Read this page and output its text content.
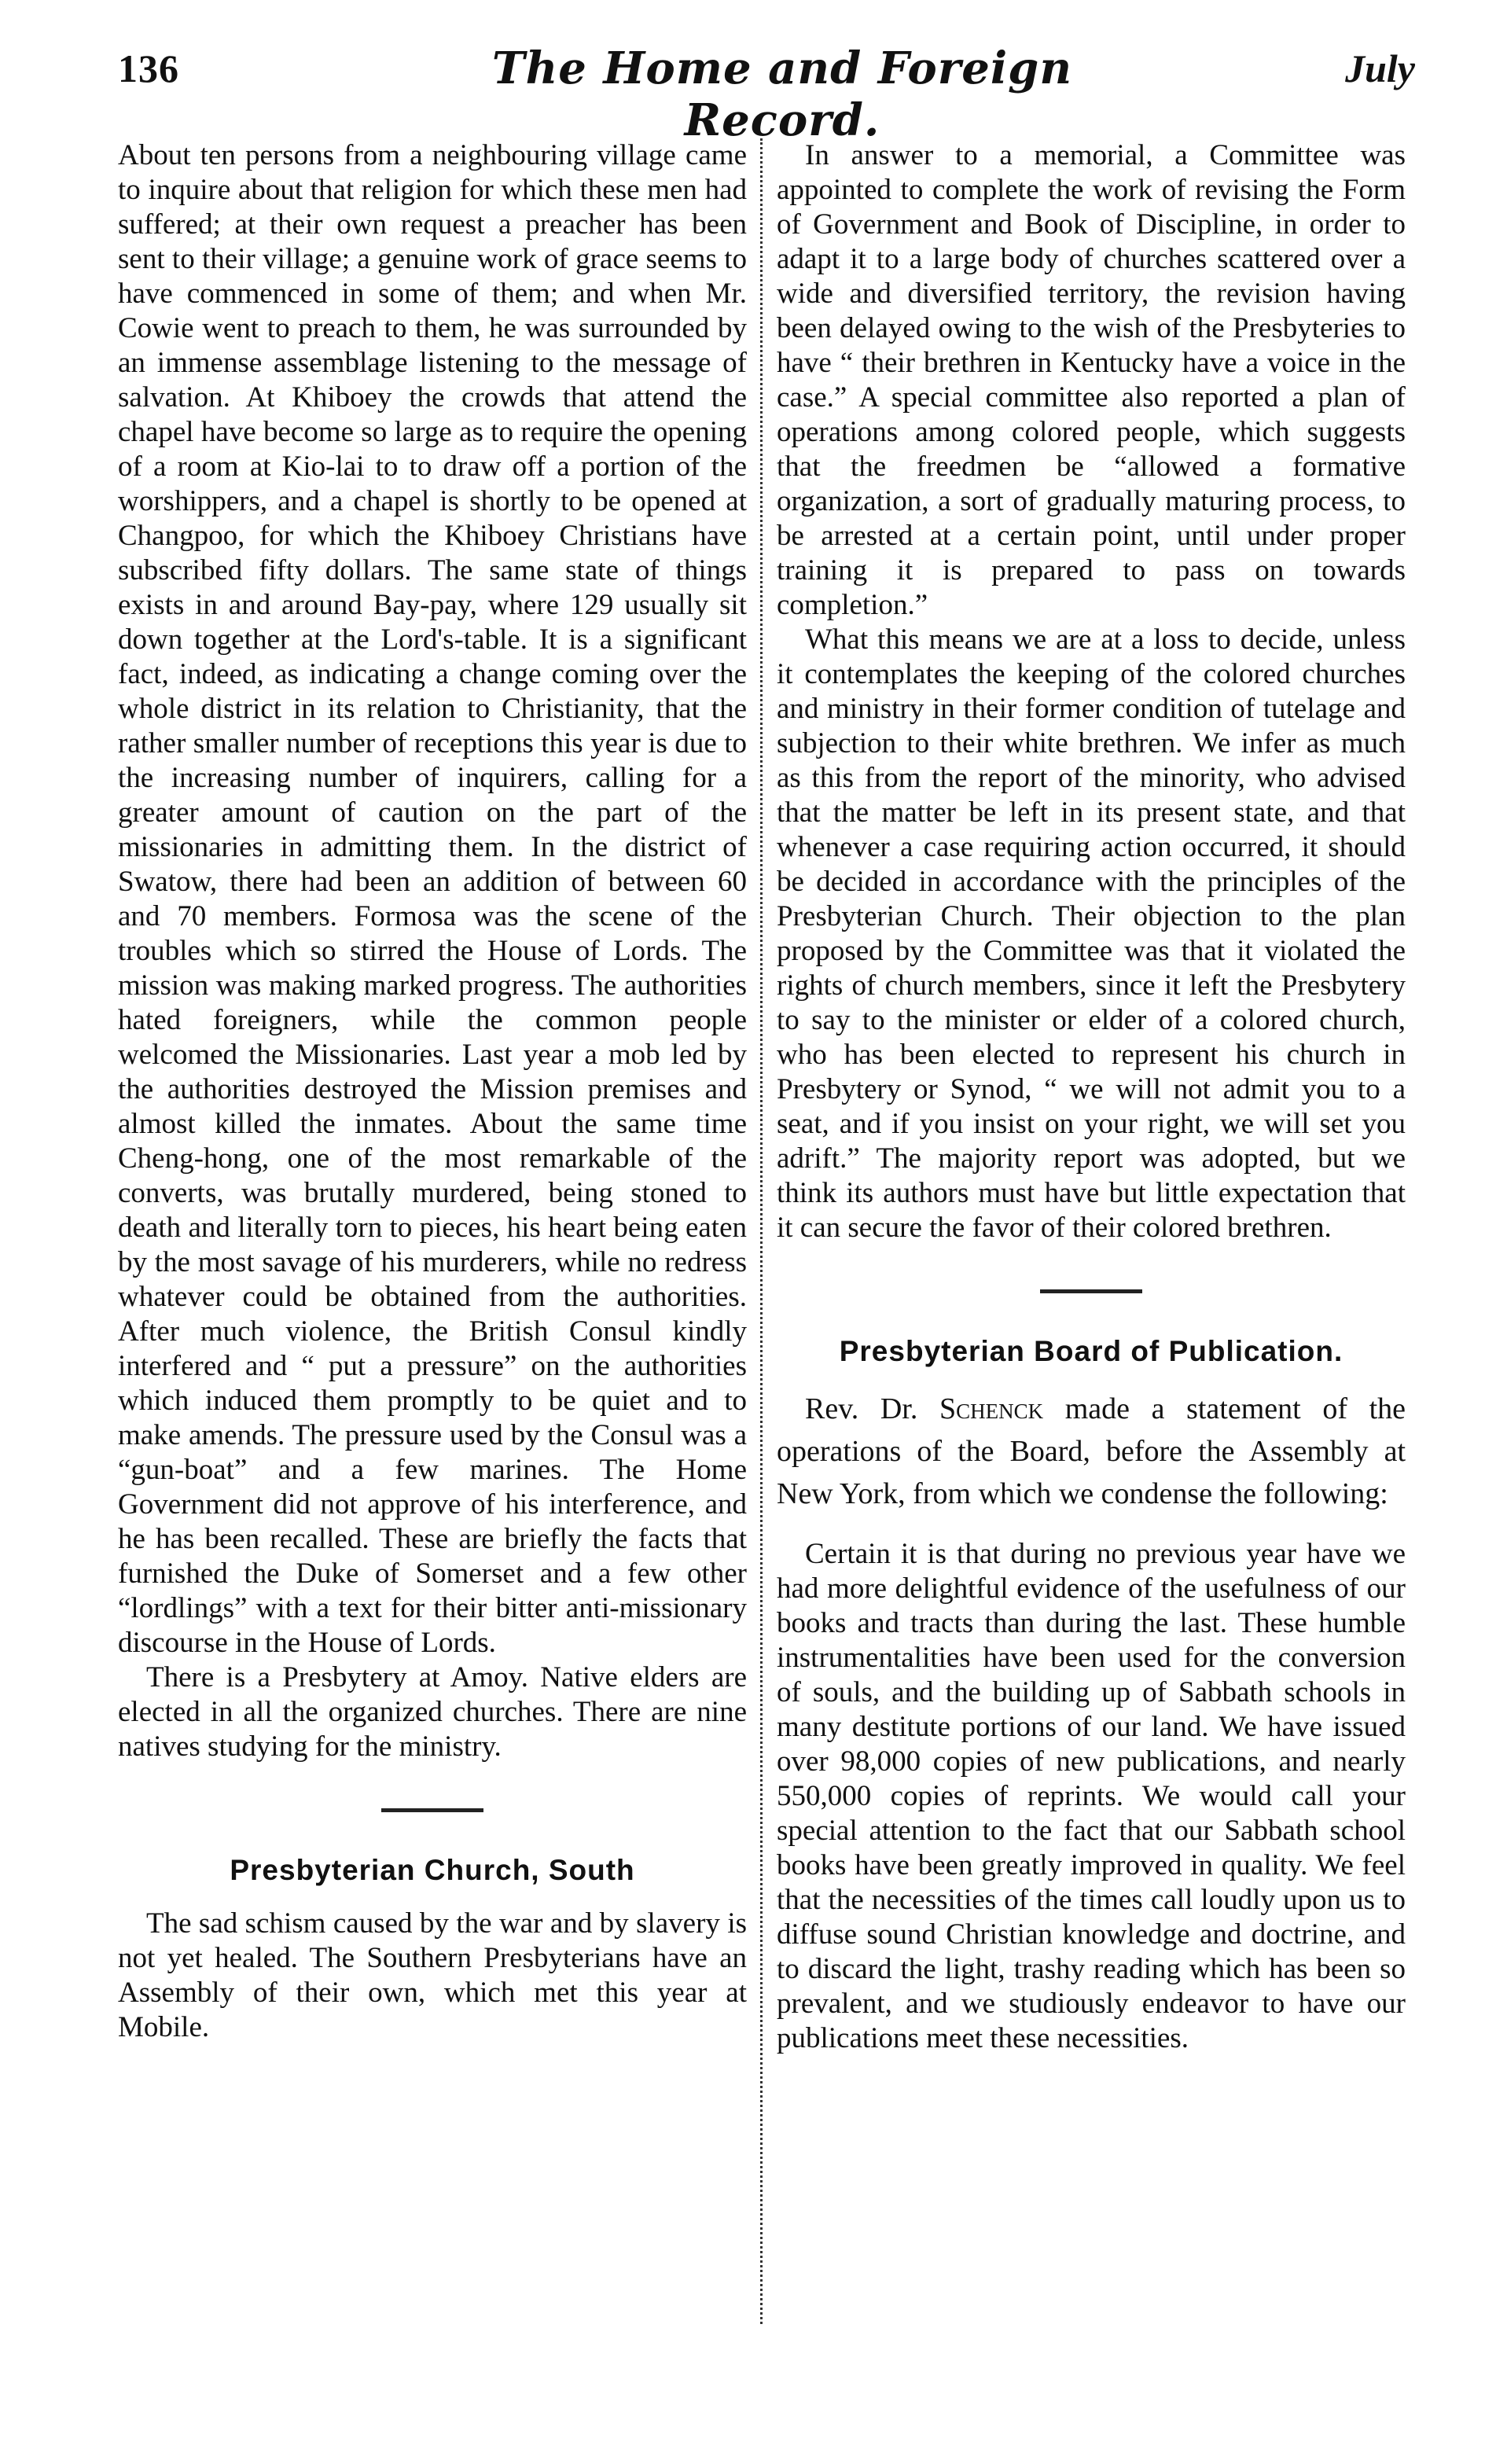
136	The Home and Foreign Record.
July

About ten persons from a neighbouring village came to inquire about that religion for which these men had suffered; at their own request a preacher has been sent to their village; a genuine work of grace seems to have commenced in some of them; and when Mr. Cowie went to preach to them, he was surrounded by an immense assemblage listening to the message of salvation. At Khiboey the crowds that attend the chapel have become so large as to require the opening of a room at Kio-lai to to draw off a portion of the worshippers, and a chapel is shortly to be opened at Changpoo, for which the Khiboey Christians have subscribed fifty dollars. The same state of things exists in and around Bay-pay, where 129 usually sit down together at the Lord's-table. It is a significant fact, indeed, as indicating a change coming over the whole district in its relation to Christianity, that the rather smaller number of receptions this year is due to the increasing number of inquirers, calling for a greater amount of caution on the part of the missionaries in admitting them. In the district of Swatow, there had been an addition of between 60 and 70 members. Formosa was the scene of the troubles which so stirred the House of Lords. The mission was making marked progress. The authorities hated foreigners, while the common people welcomed the Missionaries. Last year a mob led by the authorities destroyed the Mission premises and almost killed the inmates. About the same time Cheng-hong, one of the most remarkable of the converts, was brutally murdered, being stoned to death and literally torn to pieces, his heart being eaten by the most savage of his murderers, while no redress whatever could be obtained from the authorities. After much violence, the British Consul kindly interfered and “ put a pressure” on the authorities which induced them promptly to be quiet and to make amends. The pressure used by the Consul was a “gun-boat” and a few marines. The Home Government did not approve of his interference, and he has been recalled. These are briefly the facts that furnished the Duke of Somerset and a few other “lordlings” with a text for their bitter anti-missionary discourse in the House of Lords.

There is a Presbytery at Amoy. Native elders are elected in all the organized churches. There are nine natives studying for the ministry.

Presbyterian Church, South

The sad schism caused by the war and by slavery is not yet healed. The Southern Presbyterians have an Assembly of their own, which met this year at Mobile.

In answer to a memorial, a Committee was appointed to complete the work of revising the Form of Government and Book of Discipline, in order to adapt it to a large body of churches scattered over a wide and diversified territory, the revision having been delayed owing to the wish of the Presbyteries to have “ their brethren in Kentucky have a voice in the case.” A special committee also reported a plan of operations among colored people, which suggests that the freedmen be “allowed a formative organization, a sort of gradually maturing process, to be arrested at a certain point, until under proper training it is prepared to pass on towards completion.”

What this means we are at a loss to decide, unless it contemplates the keeping of the colored churches and ministry in their former condition of tutelage and subjection to their white brethren. We infer as much as this from the report of the minority, who advised that the matter be left in its present state, and that whenever a case requiring action occurred, it should be decided in accordance with the principles of the Presbyterian Church. Their objection to the plan proposed by the Committee was that it violated the rights of church members, since it left the Presbytery to say to the minister or elder of a colored church, who has been elected to represent his church in Presbytery or Synod, “ we will not admit you to a seat, and if you insist on your right, we will set you adrift.” The majority report was adopted, but we think its authors must have but little expectation that it can secure the favor of their colored brethren.

Presbyterian Board of Publication.

Rev. Dr. Schenck made a statement of the operations of the Board, before the Assembly at New York, from which we condense the following:

Certain it is that during no previous year have we had more delightful evidence of the usefulness of our books and tracts than during the last. These humble instrumentalities have been used for the conversion of souls, and the building up of Sabbath schools in many destitute portions of our land. We have issued over 98,000 copies of new publications, and nearly 550,000 copies of reprints. We would call your special attention to the fact that our Sabbath school books have been greatly improved in quality. We feel that the necessities of the times call loudly upon us to diffuse sound Christian knowledge and doctrine, and to discard the light, trashy reading which has been so prevalent, and we studiously endeavor to have our publications meet these necessities.
